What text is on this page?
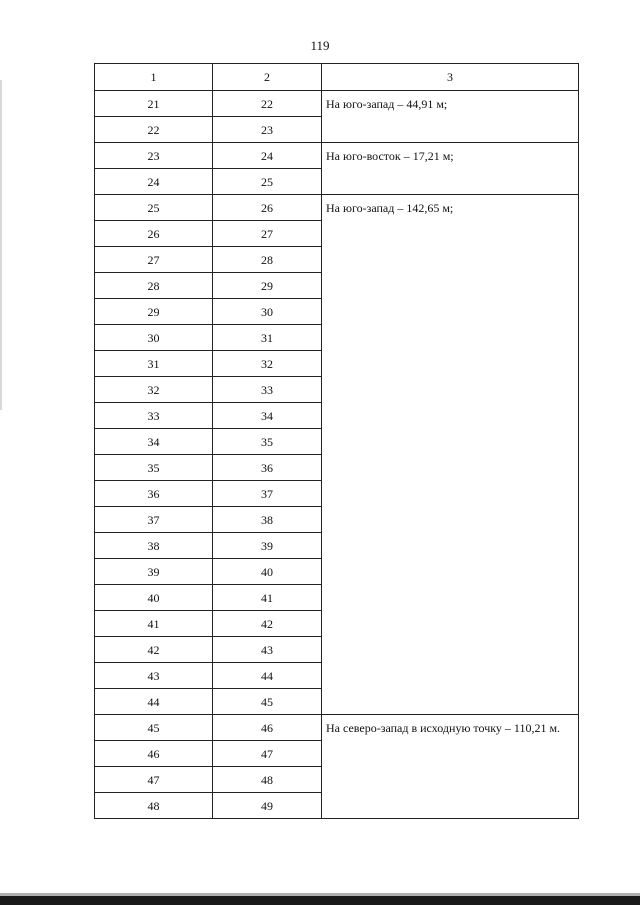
119
1	2	3
21	22	На юго-запад – 44,91 м;
22	23	
23	24	На юго-восток – 17,21 м;
24	25	
25	26	На юго-запад – 142,65 м;
26	27	
27	28	
28	29	
29	30	
30	31	
31	32	
32	33	
33	34	
34	35	
35	36	
36	37	
37	38	
38	39	
39	40	
40	41	
41	42	
42	43	
43	44	
44	45	
45	46	На северо-запад в исходную точку – 110,21 м.
46	47	
47	48	
48	49	
